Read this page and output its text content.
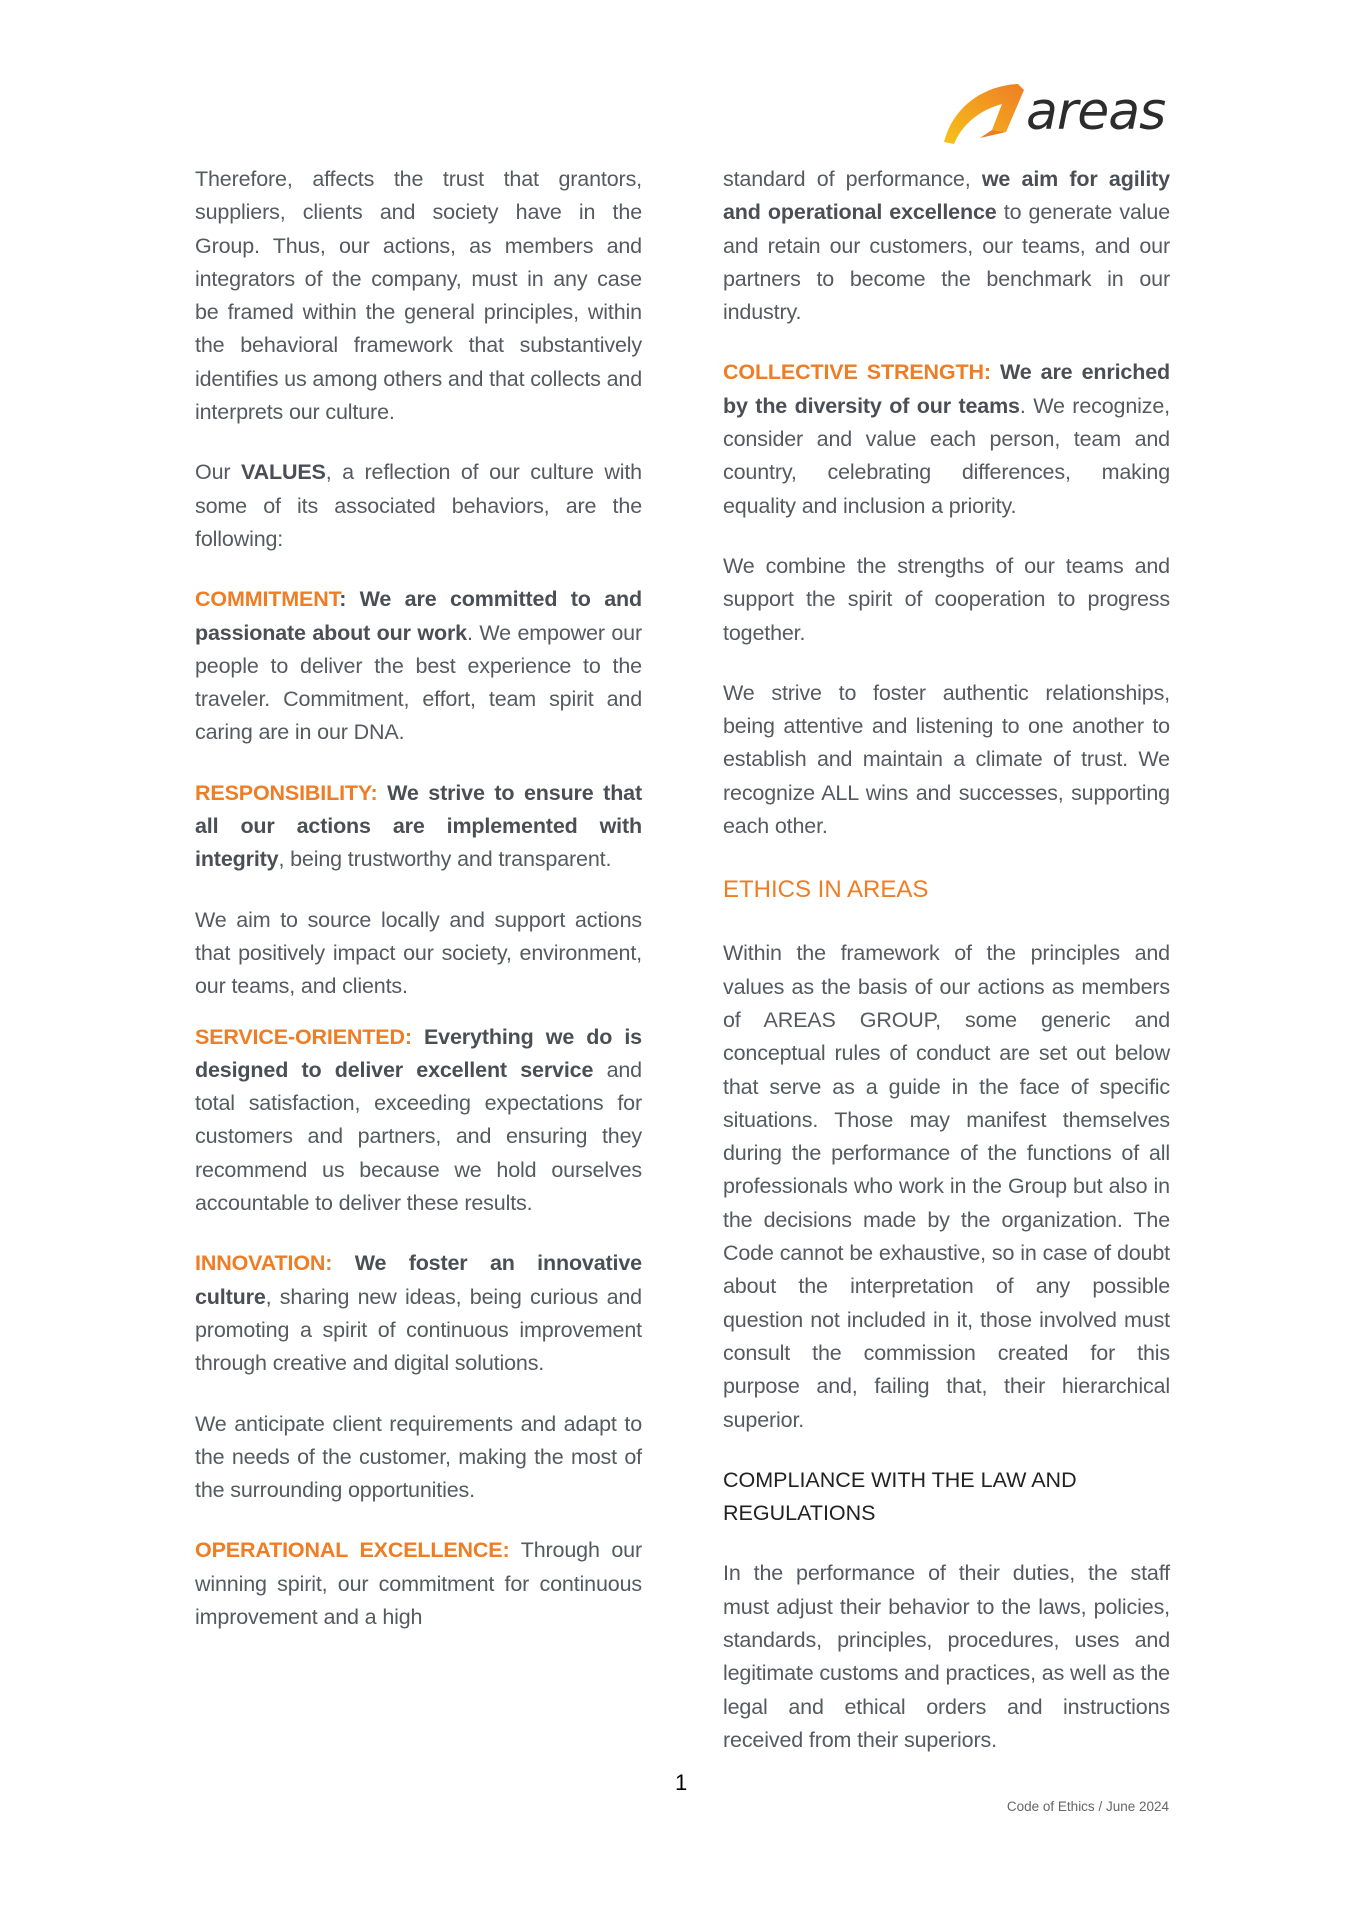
areas

Therefore, affects the trust that grantors, suppliers, clients and society have in the Group. Thus, our actions, as members and integrators of the company, must in any case be framed within the general principles, within the behavioral framework that substantively identifies us among others and that collects and interprets our culture.

Our VALUES, a reflection of our culture with some of its associated behaviors, are the following:

COMMITMENT: We are committed to and passionate about our work. We empower our people to deliver the best experience to the traveler. Commitment, effort, team spirit and caring are in our DNA.

RESPONSIBILITY: We strive to ensure that all our actions are implemented with integrity, being trustworthy and transparent.

We aim to source locally and support actions that positively impact our society, environment, our teams, and clients.

SERVICE-ORIENTED: Everything we do is designed to deliver excellent service and total satisfaction, exceeding expectations for customers and partners, and ensuring they recommend us because we hold ourselves accountable to deliver these results.

INNOVATION: We foster an innovative culture, sharing new ideas, being curious and promoting a spirit of continuous improvement through creative and digital solutions.

We anticipate client requirements and adapt to the needs of the customer, making the most of the surrounding opportunities.

OPERATIONAL EXCELLENCE: Through our winning spirit, our commitment for continuous improvement and a high

standard of performance, we aim for agility and operational excellence to generate value and retain our customers, our teams, and our partners to become the benchmark in our industry.

COLLECTIVE STRENGTH: We are enriched by the diversity of our teams. We recognize, consider and value each person, team and country, celebrating differences, making equality and inclusion a priority.

We combine the strengths of our teams and support the spirit of cooperation to progress together.

We strive to foster authentic relationships, being attentive and listening to one another to establish and maintain a climate of trust. We recognize ALL wins and successes, supporting each other.

ETHICS IN AREAS

Within the framework of the principles and values as the basis of our actions as members of AREAS GROUP, some generic and conceptual rules of conduct are set out below that serve as a guide in the face of specific situations. Those may manifest themselves during the performance of the functions of all professionals who work in the Group but also in the decisions made by the organization. The Code cannot be exhaustive, so in case of doubt about the interpretation of any possible question not included in it, those involved must consult the commission created for this purpose and, failing that, their hierarchical superior.

COMPLIANCE WITH THE LAW AND REGULATIONS

In the performance of their duties, the staff must adjust their behavior to the laws, policies, standards, principles, procedures, uses and legitimate customs and practices, as well as the legal and ethical orders and instructions received from their superiors.

1
Code of Ethics / June 2024
